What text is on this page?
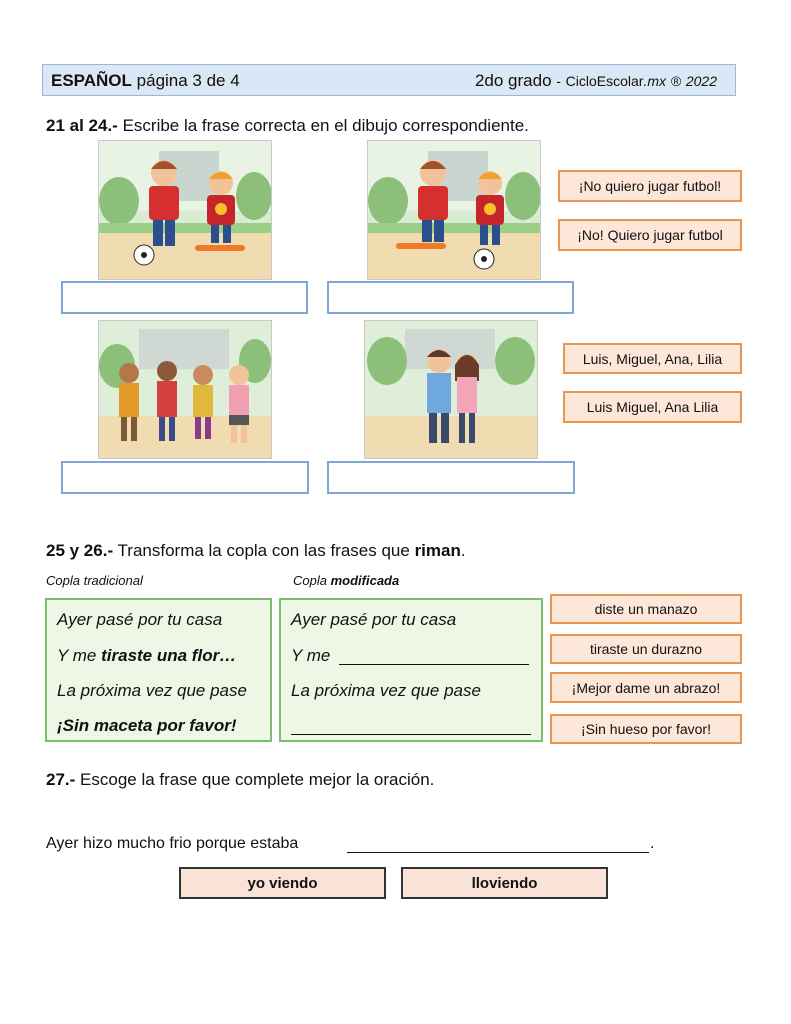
ESPAÑOL página 3 de 4	2do grado - CicloEscolar.mx ® 2022
21 al 24.- Escribe la frase correcta en el dibujo correspondiente.
¡No quiero jugar futbol!
¡No! Quiero jugar futbol
Luis, Miguel, Ana, Lilia
Luis Miguel, Ana Lilia
25 y 26.- Transforma la copla con las frases que riman.
Copla tradicional	Copla modificada
Ayer pasé por tu casa
Y me tiraste una flor…
La próxima vez que pase
¡Sin maceta por favor!
Ayer pasé por tu casa
Y me
La próxima vez que pase
diste un manazo
tiraste un durazno
¡Mejor dame un abrazo!
¡Sin hueso por favor!
27.- Escoge la frase que complete mejor la oración.
Ayer hizo mucho frio porque estaba	.
yo viendo	lloviendo
